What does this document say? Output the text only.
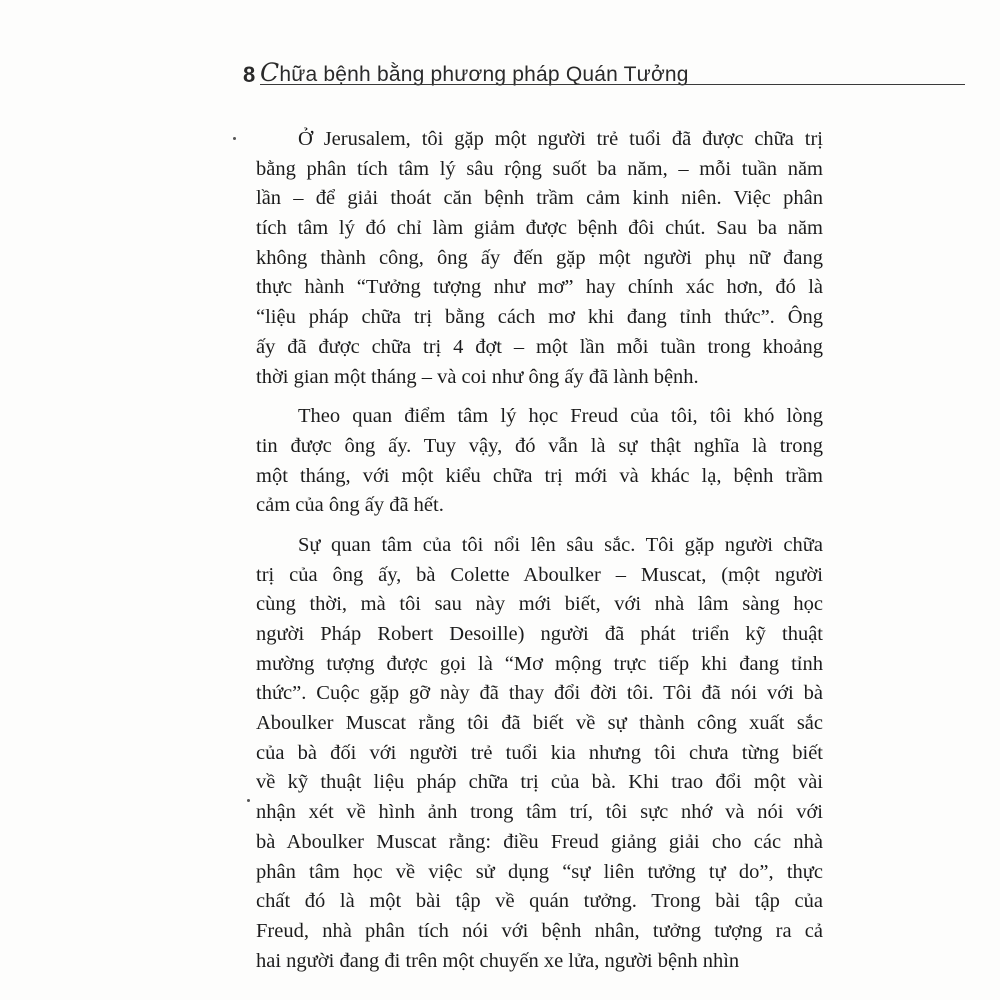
8 Chữa bệnh bằng phương pháp Quán Tưởng
Ở Jerusalem, tôi gặp một người trẻ tuổi đã được chữa trị
bằng phân tích tâm lý sâu rộng suốt ba năm, – mỗi tuần năm
lần – để giải thoát căn bệnh trầm cảm kinh niên. Việc phân
tích tâm lý đó chỉ làm giảm được bệnh đôi chút. Sau ba năm
không thành công, ông ấy đến gặp một người phụ nữ đang
thực hành “Tưởng tượng như mơ” hay chính xác hơn, đó là
“liệu pháp chữa trị bằng cách mơ khi đang tỉnh thức”. Ông
ấy đã được chữa trị 4 đợt – một lần mỗi tuần trong khoảng
thời gian một tháng – và coi như ông ấy đã lành bệnh.
Theo quan điểm tâm lý học Freud của tôi, tôi khó lòng
tin được ông ấy. Tuy vậy, đó vẫn là sự thật nghĩa là trong
một tháng, với một kiểu chữa trị mới và khác lạ, bệnh trầm
cảm của ông ấy đã hết.
Sự quan tâm của tôi nổi lên sâu sắc. Tôi gặp người chữa
trị của ông ấy, bà Colette Aboulker – Muscat, (một người
cùng thời, mà tôi sau này mới biết, với nhà lâm sàng học
người Pháp Robert Desoille) người đã phát triển kỹ thuật
mường tượng được gọi là “Mơ mộng trực tiếp khi đang tỉnh
thức”. Cuộc gặp gỡ này đã thay đổi đời tôi. Tôi đã nói với bà
Aboulker Muscat rằng tôi đã biết về sự thành công xuất sắc
của bà đối với người trẻ tuổi kia nhưng tôi chưa từng biết
về kỹ thuật liệu pháp chữa trị của bà. Khi trao đổi một vài
nhận xét về hình ảnh trong tâm trí, tôi sực nhớ và nói với
bà Aboulker Muscat rằng: điều Freud giảng giải cho các nhà
phân tâm học về việc sử dụng “sự liên tưởng tự do”, thực
chất đó là một bài tập về quán tưởng. Trong bài tập của
Freud, nhà phân tích nói với bệnh nhân, tưởng tượng ra cả
hai người đang đi trên một chuyến xe lửa, người bệnh nhìn
